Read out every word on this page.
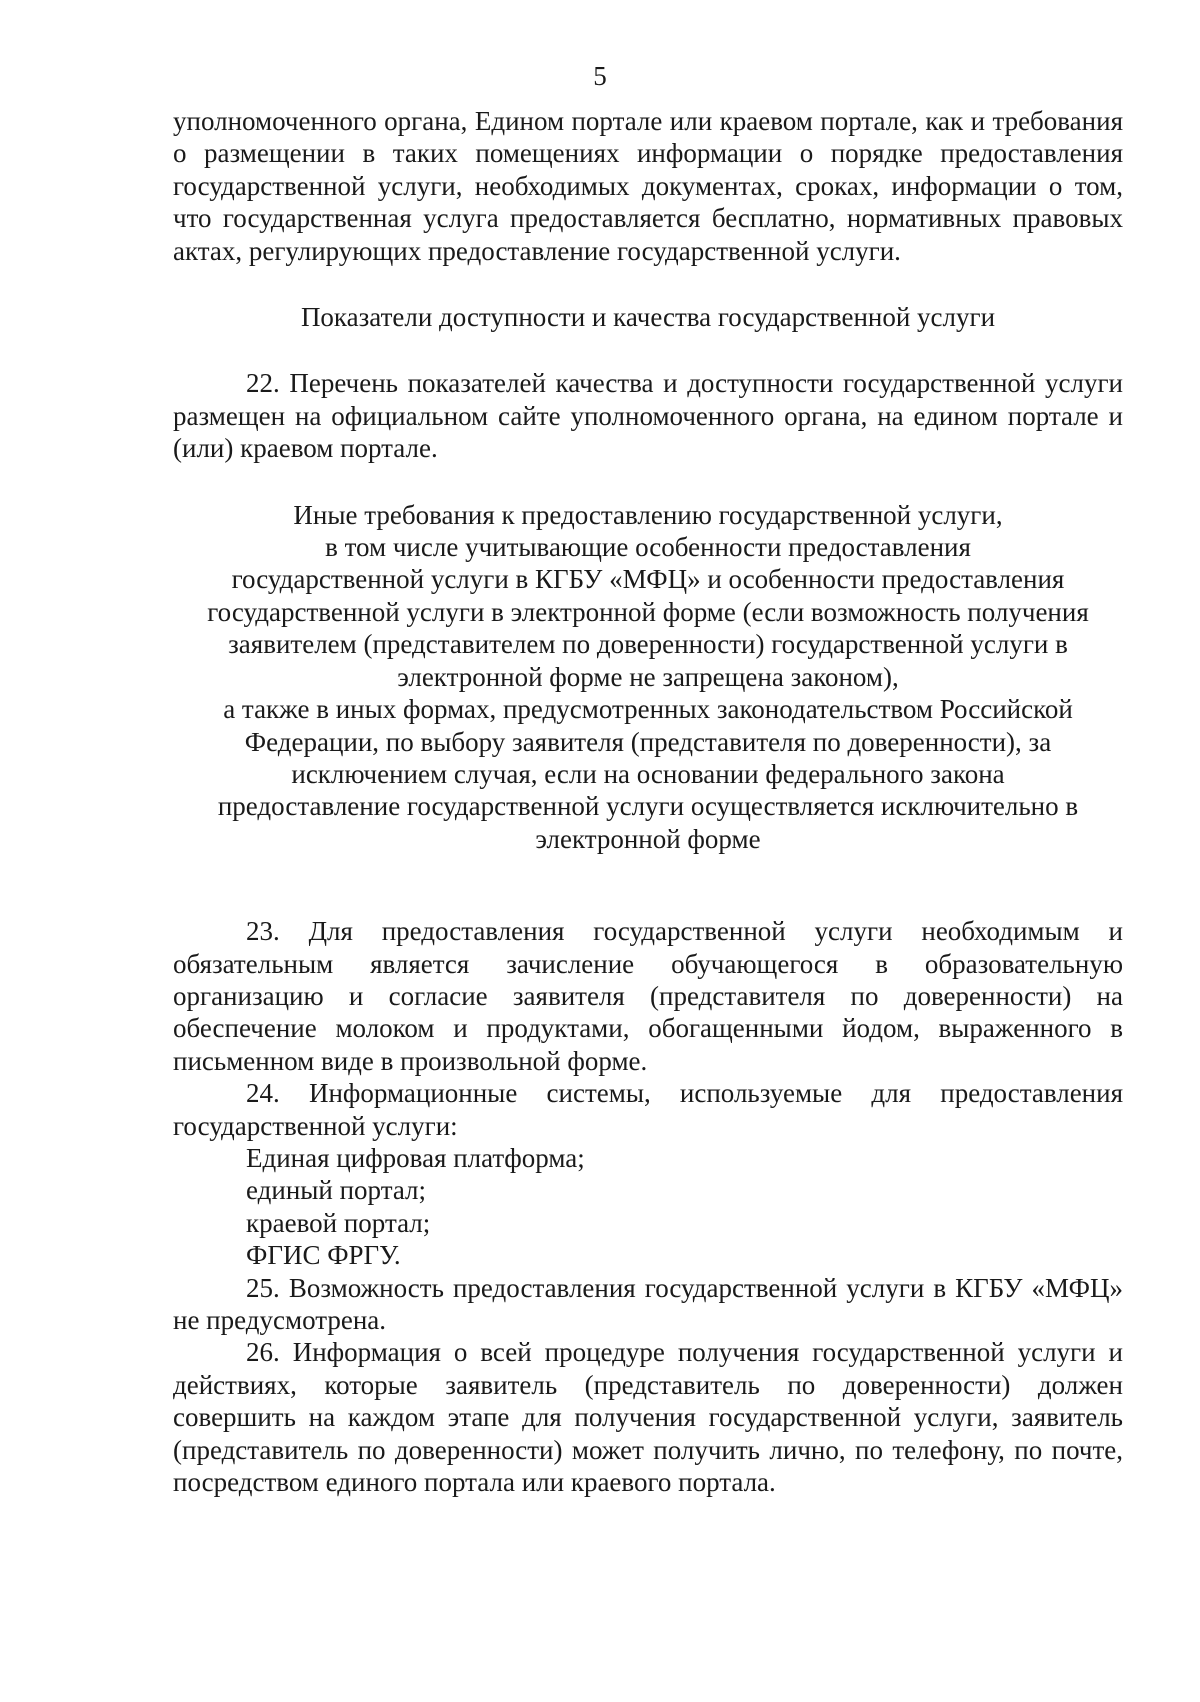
5

уполномоченного органа, Едином портале или краевом портале, как и требования о размещении в таких помещениях информации о порядке предоставления государственной услуги, необходимых документах, сроках, информации о том, что государственная услуга предоставляется бесплатно, нормативных правовых актах, регулирующих предоставление государственной услуги.

Показатели доступности и качества государственной услуги

22. Перечень показателей качества и доступности государственной услуги размещен на официальном сайте уполномоченного органа, на едином портале и (или) краевом портале.

Иные требования к предоставлению государственной услуги,
в том числе учитывающие особенности предоставления
государственной услуги в КГБУ «МФЦ» и особенности предоставления
государственной услуги в электронной форме (если возможность получения
заявителем (представителем по доверенности) государственной услуги в
электронной форме не запрещена законом),
а также в иных формах, предусмотренных законодательством Российской
Федерации, по выбору заявителя (представителя по доверенности), за
исключением случая, если на основании федерального закона
предоставление государственной услуги осуществляется исключительно в
электронной форме

23. Для предоставления государственной услуги необходимым и обязательным является зачисление обучающегося в образовательную организацию и согласие заявителя (представителя по доверенности) на обеспечение молоком и продуктами, обогащенными йодом, выраженного в письменном виде в произвольной форме.

24. Информационные системы, используемые для предоставления государственной услуги:

Единая цифровая платформа;

единый портал;

краевой портал;

ФГИС ФРГУ.

25. Возможность предоставления государственной услуги в КГБУ «МФЦ» не предусмотрена.

26. Информация о всей процедуре получения государственной услуги и действиях, которые заявитель (представитель по доверенности) должен совершить на каждом этапе для получения государственной услуги, заявитель (представитель по доверенности) может получить лично, по телефону, по почте, посредством единого портала или краевого портала.
